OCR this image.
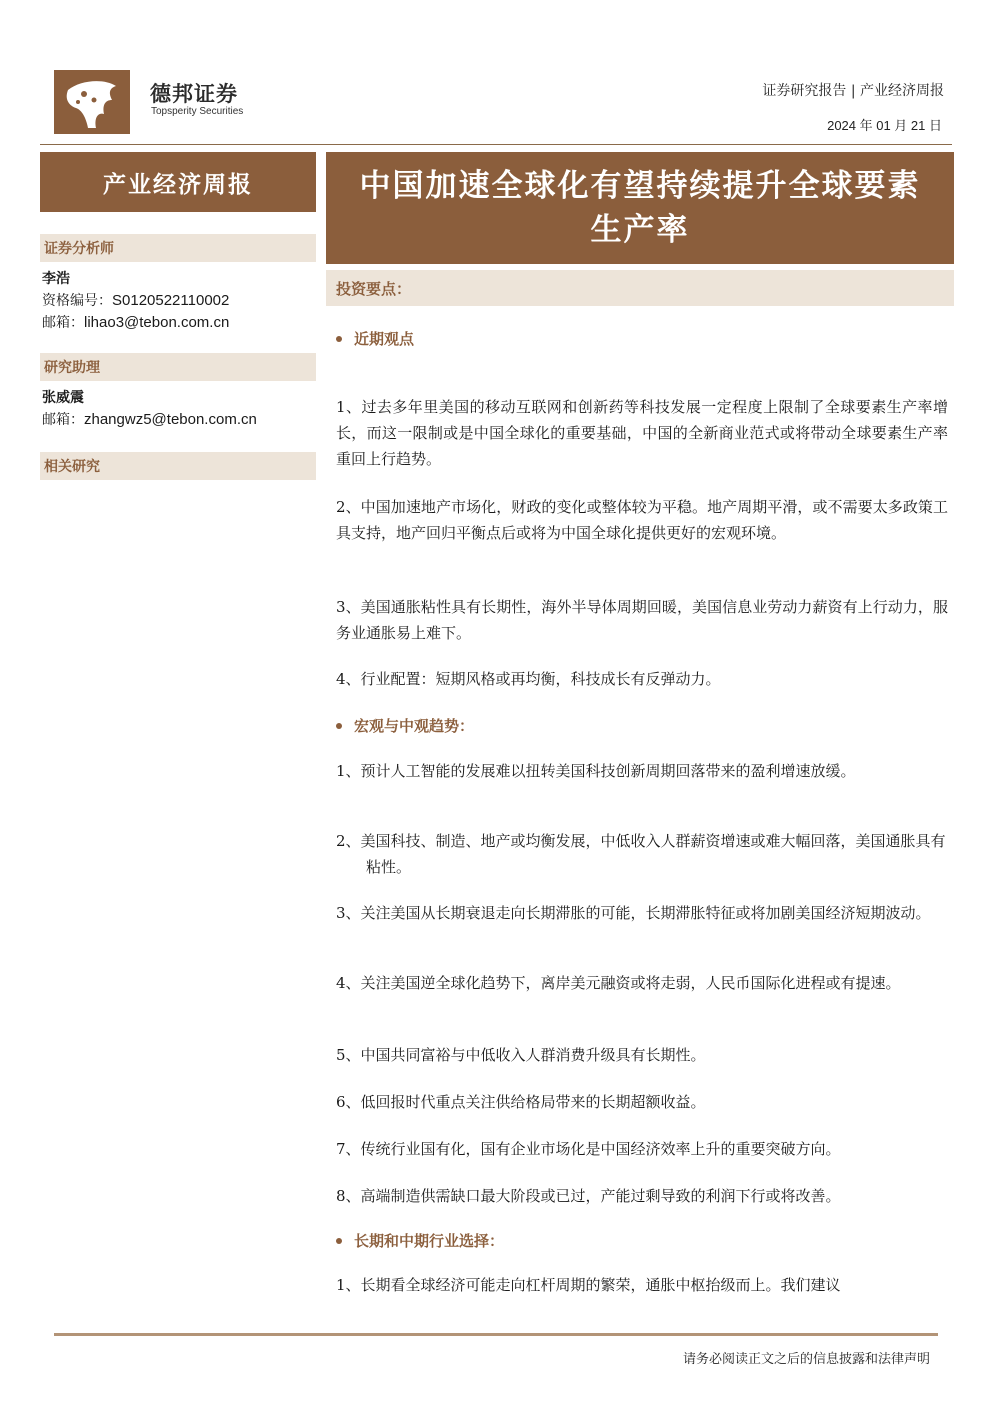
德邦证券
Topsperity Securities
证券研究报告 | 产业经济周报
2024 年 01 月 21 日
产业经济周报
证券分析师
李浩
资格编号：S0120522110002
邮箱：lihao3@tebon.com.cn
研究助理
张威震
邮箱：zhangwz5@tebon.com.cn
相关研究
中国加速全球化有望持续提升全球要素生产率
投资要点：
近期观点
1、过去多年里美国的移动互联网和创新药等科技发展一定程度上限制了全球要素生产率增长，而这一限制或是中国全球化的重要基础，中国的全新商业范式或将带动全球要素生产率重回上行趋势。
2、中国加速地产市场化，财政的变化或整体较为平稳。地产周期平滑，或不需要太多政策工具支持，地产回归平衡点后或将为中国全球化提供更好的宏观环境。
3、美国通胀粘性具有长期性，海外半导体周期回暖，美国信息业劳动力薪资有上行动力，服务业通胀易上难下。
4、行业配置：短期风格或再均衡，科技成长有反弹动力。
宏观与中观趋势：
1、预计人工智能的发展难以扭转美国科技创新周期回落带来的盈利增速放缓。
2、美国科技、制造、地产或均衡发展，中低收入人群薪资增速或难大幅回落，美国通胀具有粘性。
3、关注美国从长期衰退走向长期滞胀的可能，长期滞胀特征或将加剧美国经济短期波动。
4、关注美国逆全球化趋势下，离岸美元融资或将走弱，人民币国际化进程或有提速。
5、中国共同富裕与中低收入人群消费升级具有长期性。
6、低回报时代重点关注供给格局带来的长期超额收益。
7、传统行业国有化，国有企业市场化是中国经济效率上升的重要突破方向。
8、高端制造供需缺口最大阶段或已过，产能过剩导致的利润下行或将改善。
长期和中期行业选择：
1、长期看全球经济可能走向杠杆周期的繁荣，通胀中枢抬级而上。我们建议
请务必阅读正文之后的信息披露和法律声明
